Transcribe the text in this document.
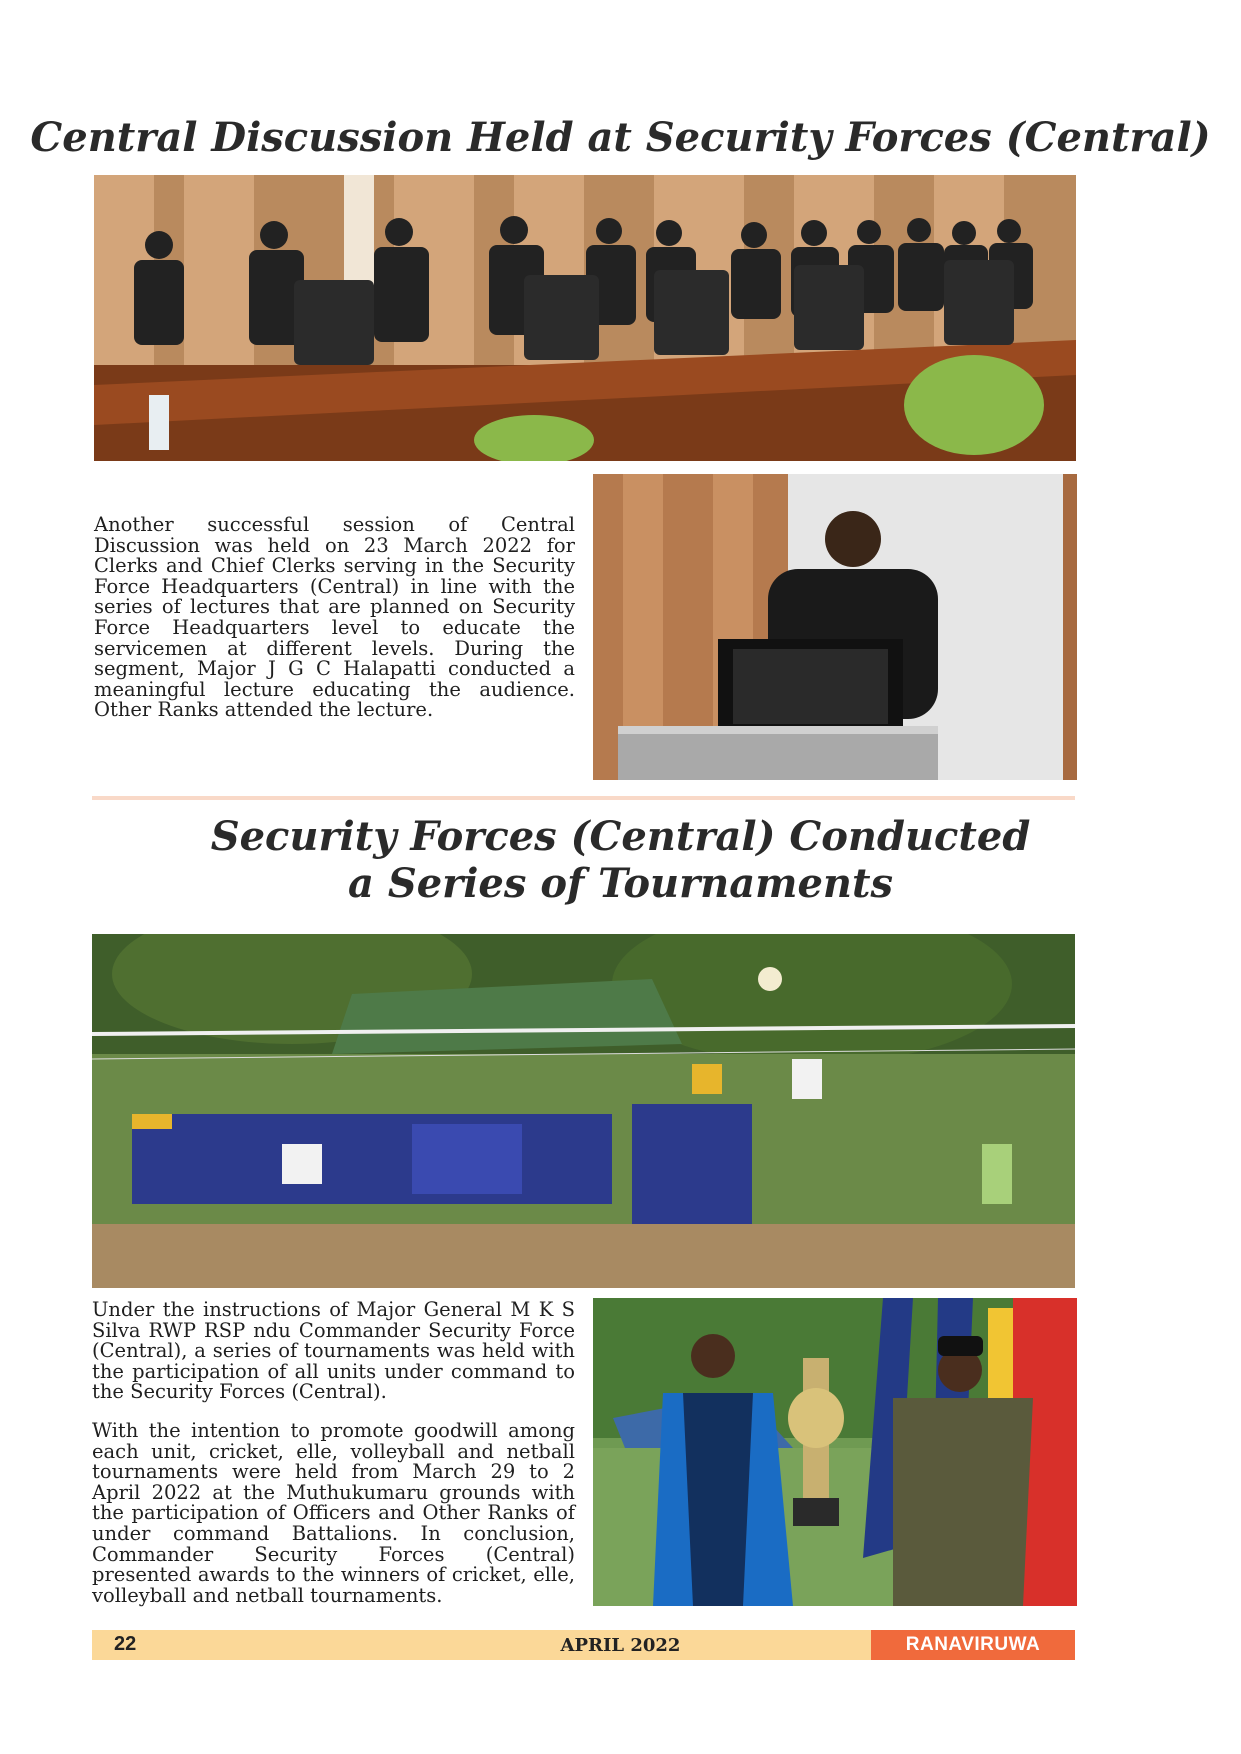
Central Discussion Held at Security Forces (Central)

Another successful session of Central Discussion was held on 23 March 2022 for Clerks and Chief Clerks serving in the Security Force Headquarters (Central) in line with the series of lectures that are planned on Security Force Headquarters level to educate the servicemen at different levels. During the segment, Major J G C Halapatti conducted a meaningful lecture educating the audience. Other Ranks attended the lecture.

Security Forces (Central) Conducted
a Series of Tournaments

Under the instructions of Major General M K S Silva RWP RSP ndu Commander Security Force (Central), a series of tournaments was held with the participation of all units under command to the Security Forces (Central).

With the intention to promote goodwill among each unit, cricket, elle, volleyball and netball tournaments were held from March 29 to 2 April 2022 at the Muthukumaru grounds with the participation of Officers and Other Ranks of under command Battalions. In conclusion, Commander Security Forces (Central) presented awards to the winners of cricket, elle, volleyball and netball tournaments.

22	APRIL 2022	RANAVIRUWA
